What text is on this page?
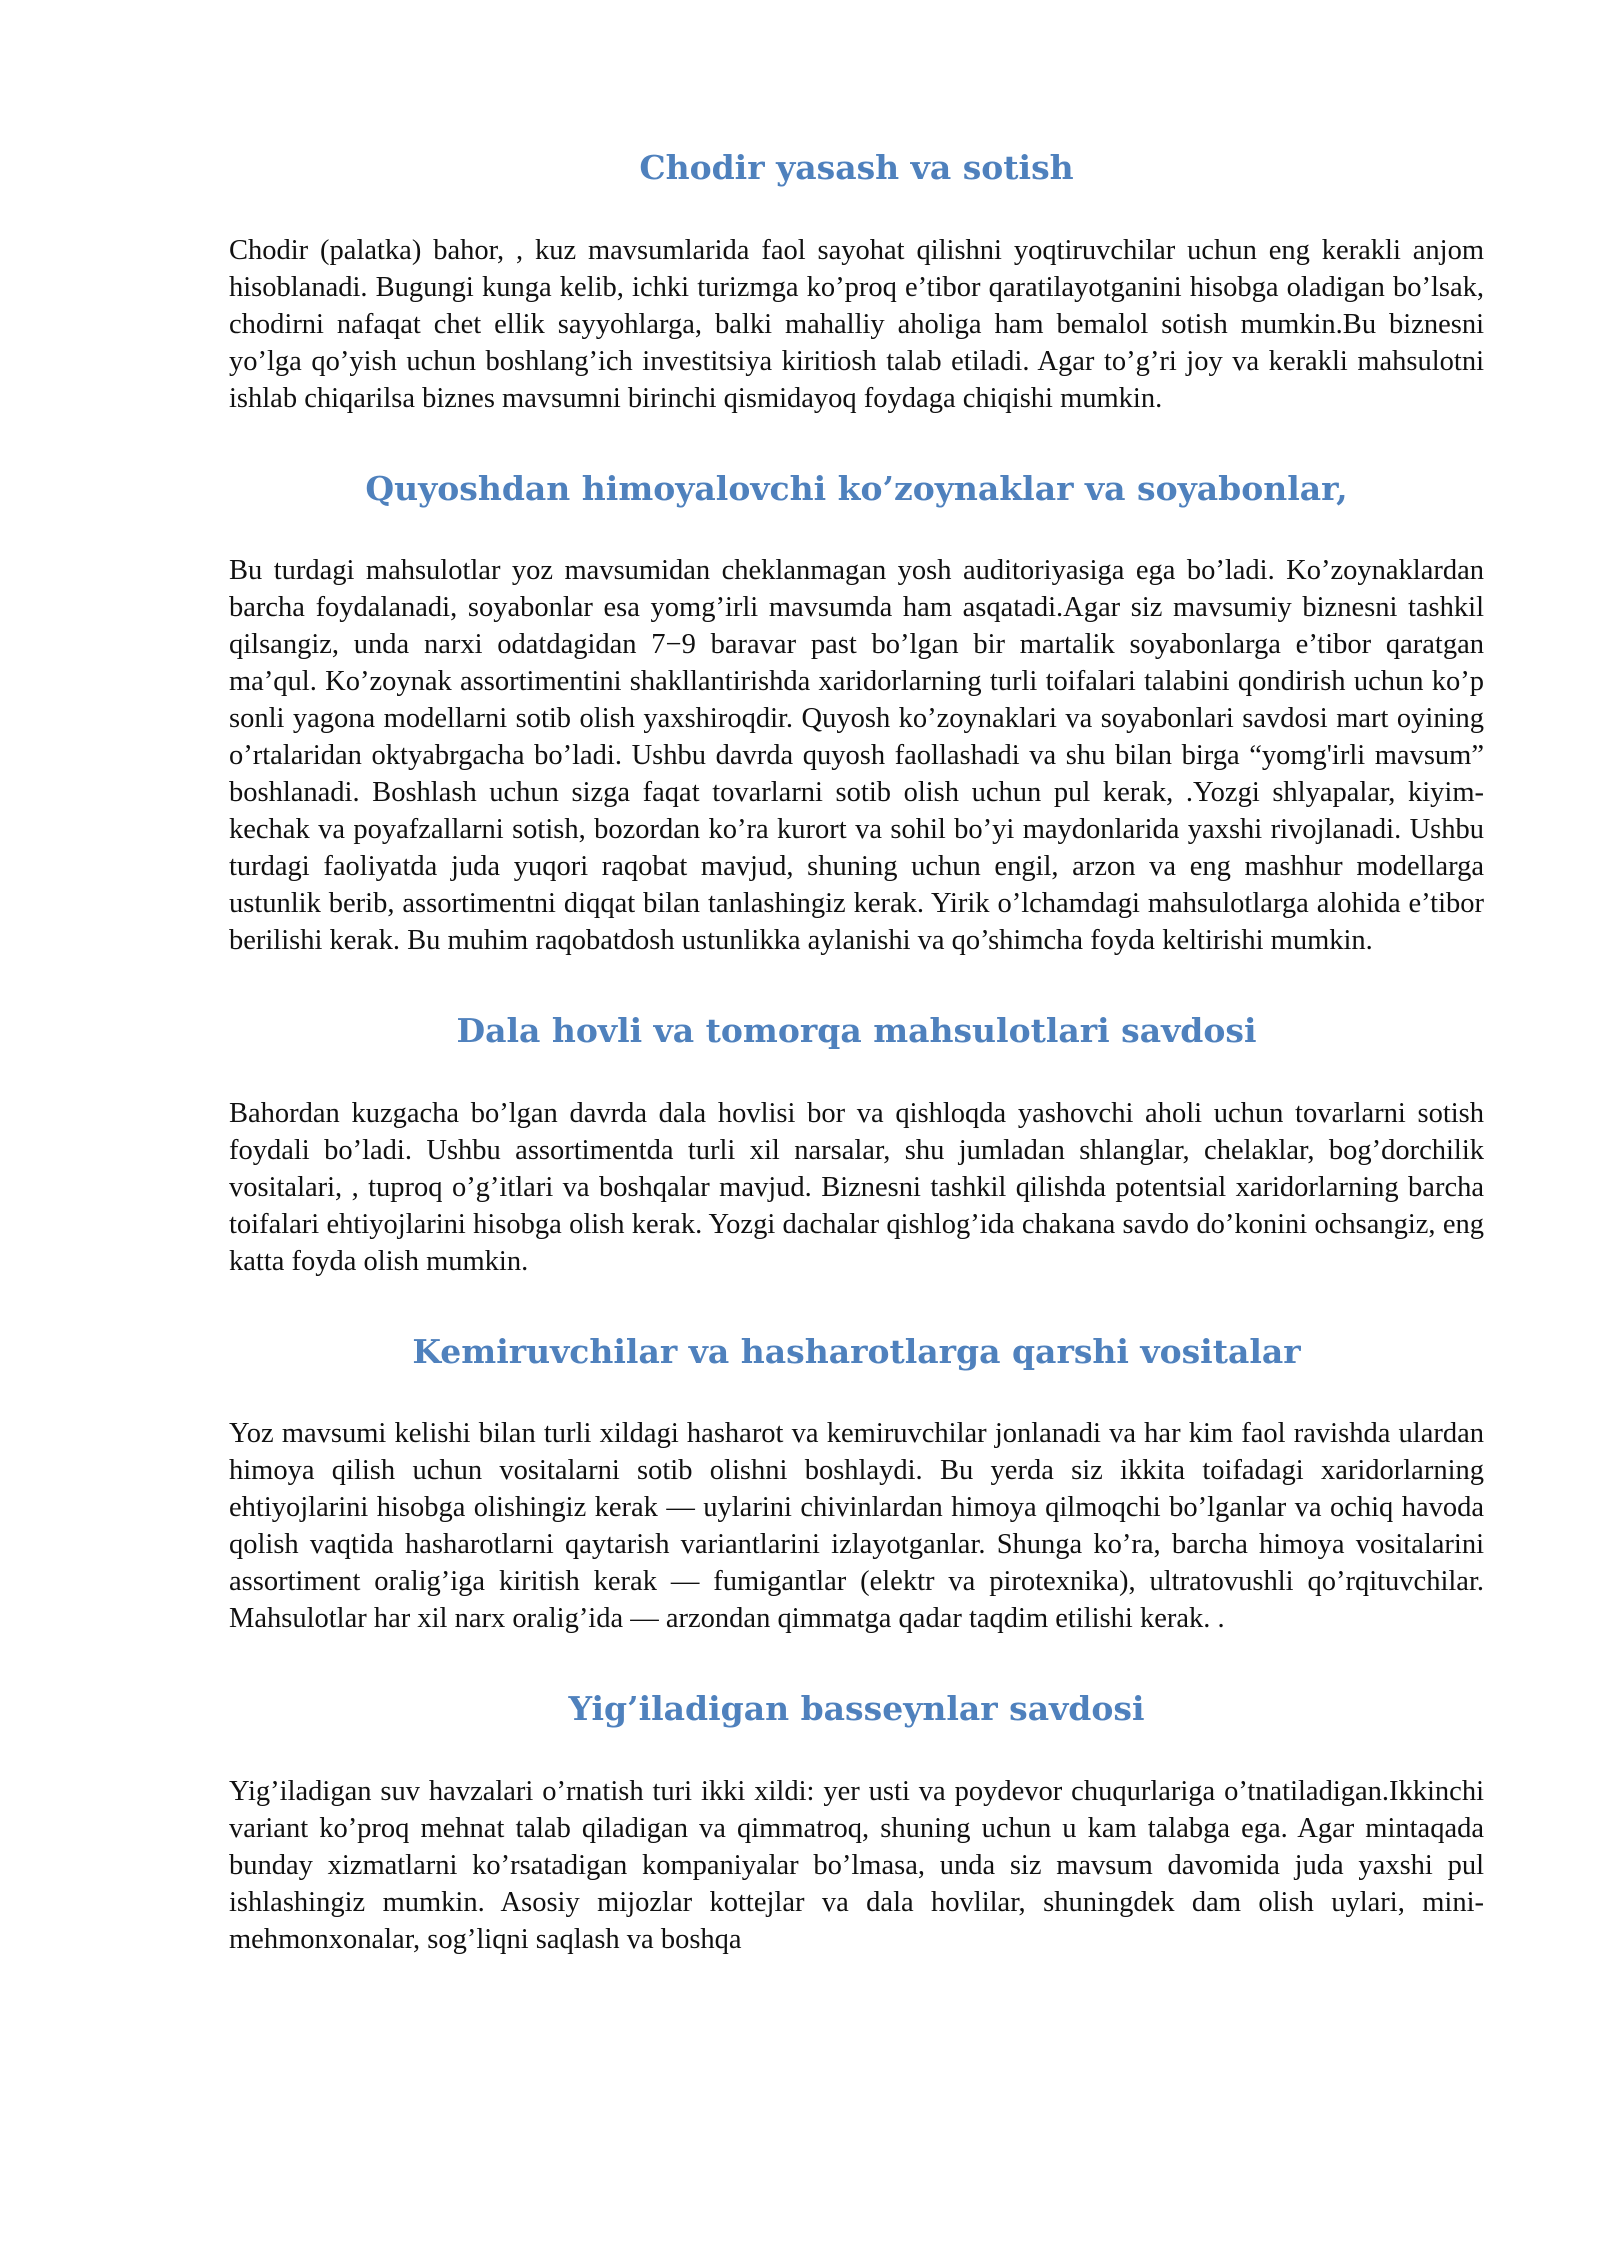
Chodir yasash va sotish

Chodir (palatka) bahor, , kuz mavsumlarida faol sayohat qilishni yoqtiruvchilar uchun eng kerakli anjom hisoblanadi. Bugungi kunga kelib, ichki turizmga ko’proq e’tibor qaratilayotganini hisobga oladigan bo’lsak, chodirni nafaqat chet ellik sayyohlarga, balki mahalliy aholiga ham bemalol sotish mumkin.Bu biznesni yo’lga qo’yish uchun boshlang’ich investitsiya kiritiosh talab etiladi. Agar to’g’ri joy va kerakli mahsulotni ishlab chiqarilsa biznes mavsumni birinchi qismidayoq foydaga chiqishi mumkin.

Quyoshdan himoyalovchi ko’zoynaklar va soyabonlar,

Bu turdagi mahsulotlar yoz mavsumidan cheklanmagan yosh auditoriyasiga ega bo’ladi. Ko’zoynaklardan barcha foydalanadi, soyabonlar esa yomg’irli mavsumda ham asqatadi.Agar siz mavsumiy biznesni tashkil qilsangiz, unda narxi odatdagidan 7−9 baravar past bo’lgan bir martalik soyabonlarga e’tibor qaratgan ma’qul. Ko’zoynak assortimentini shakllantirishda xaridorlarning turli toifalari talabini qondirish uchun ko’p sonli yagona modellarni sotib olish yaxshiroqdir. Quyosh ko’zoynaklari va soyabonlari savdosi mart oyining o’rtalaridan oktyabrgacha bo’ladi. Ushbu davrda quyosh faollashadi va shu bilan birga “yomg'irli mavsum” boshlanadi. Boshlash uchun sizga faqat tovarlarni sotib olish uchun pul kerak, .Yozgi shlyapalar, kiyim-kechak va poyafzallarni sotish, bozordan ko’ra kurort va sohil bo’yi maydonlarida yaxshi rivojlanadi. Ushbu turdagi faoliyatda juda yuqori raqobat mavjud, shuning uchun engil, arzon va eng mashhur modellarga ustunlik berib, assortimentni diqqat bilan tanlashingiz kerak. Yirik o’lchamdagi mahsulotlarga alohida e’tibor berilishi kerak. Bu muhim raqobatdosh ustunlikka aylanishi va qo’shimcha foyda keltirishi mumkin.

Dala hovli va tomorqa mahsulotlari savdosi

Bahordan kuzgacha bo’lgan davrda dala hovlisi bor va qishloqda yashovchi aholi uchun tovarlarni sotish foydali bo’ladi. Ushbu assortimentda turli xil narsalar, shu jumladan shlanglar, chelaklar, bog’dorchilik vositalari, , tuproq o’g’itlari va boshqalar mavjud. Biznesni tashkil qilishda potentsial xaridorlarning barcha toifalari ehtiyojlarini hisobga olish kerak. Yozgi dachalar qishlog’ida chakana savdo do’konini ochsangiz, eng katta foyda olish mumkin.

Kemiruvchilar va hasharotlarga qarshi vositalar

Yoz mavsumi kelishi bilan turli xildagi hasharot va kemiruvchilar jonlanadi va har kim faol ravishda ulardan himoya qilish uchun vositalarni sotib olishni boshlaydi. Bu yerda siz ikkita toifadagi xaridorlarning ehtiyojlarini hisobga olishingiz kerak — uylarini chivinlardan himoya qilmoqchi bo’lganlar va ochiq havoda qolish vaqtida hasharotlarni qaytarish variantlarini izlayotganlar. Shunga ko’ra, barcha himoya vositalarini assortiment oralig’iga kiritish kerak — fumigantlar (elektr va pirotexnika), ultratovushli qo’rqituvchilar. Mahsulotlar har xil narx oralig’ida — arzondan qimmatga qadar taqdim etilishi kerak. .

Yig’iladigan basseynlar savdosi

Yig’iladigan suv havzalari o’rnatish turi ikki xildi: yer usti va poydevor chuqurlariga o’tnatiladigan.Ikkinchi variant ko’proq mehnat talab qiladigan va qimmatroq, shuning uchun u kam talabga ega. Agar mintaqada bunday xizmatlarni ko’rsatadigan kompaniyalar bo’lmasa, unda siz mavsum davomida juda yaxshi pul ishlashingiz mumkin. Asosiy mijozlar kottejlar va dala hovlilar, shuningdek dam olish uylari, mini-mehmonxonalar, sog’liqni saqlash va boshqa
